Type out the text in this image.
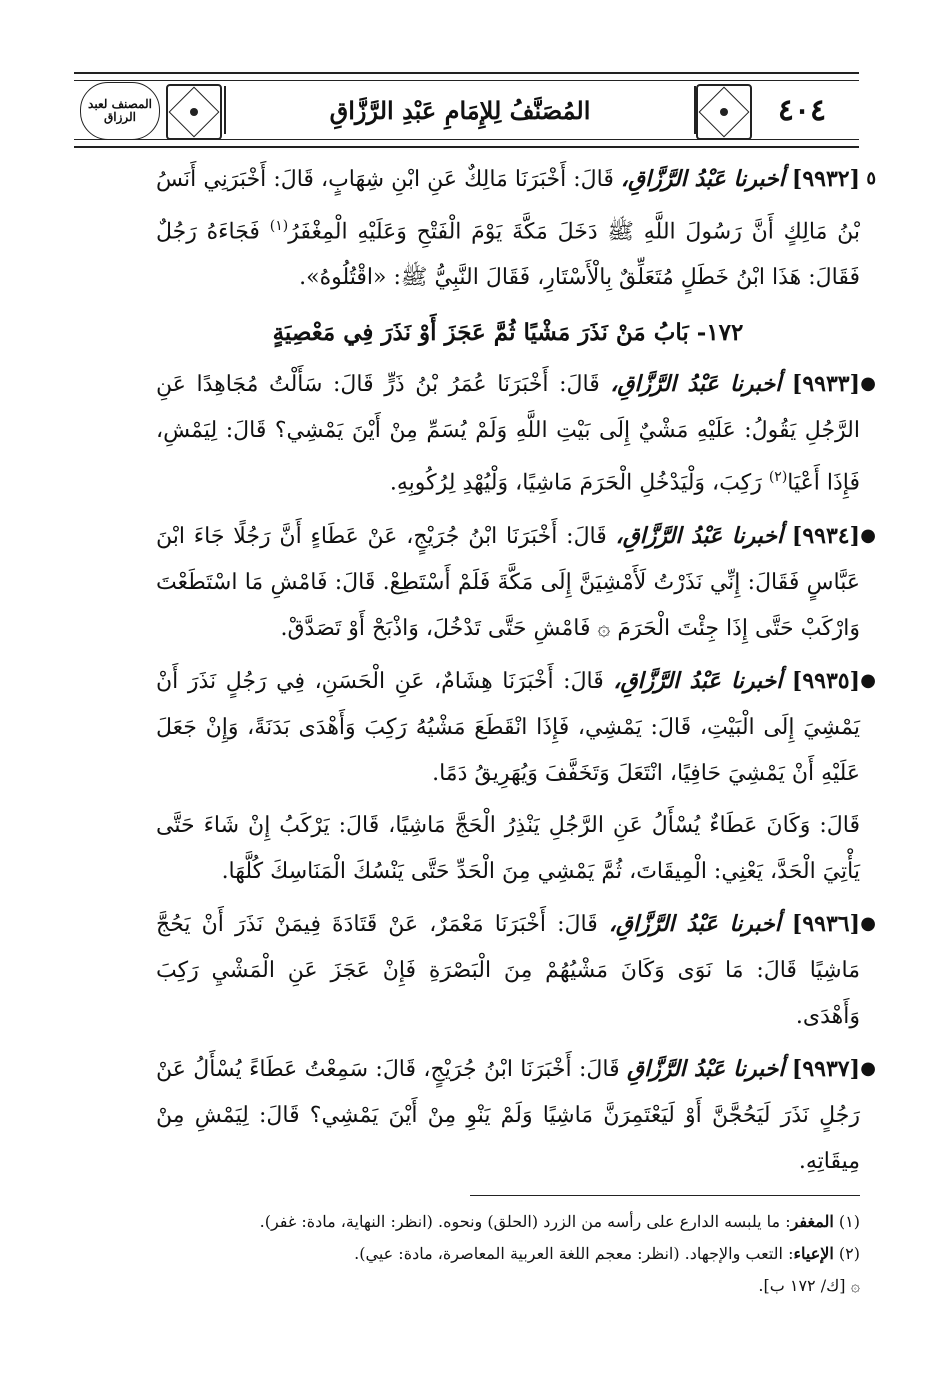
المصنف لعبد الرزاق	المُصَنَّفُ لِلإِمَامِ عَبْدِ الرَّزَّاقِ	٤٠٤

٥
[٩٩٣٢] أخبرنا عَبْدُ الرَّزَّاقِ، قَالَ: أَخْبَرَنَا مَالِكٌ عَنِ ابْنِ شِهَابٍ، قَالَ: أَخْبَرَنِي أَنَسُ بْنُ مَالِكٍ أَنَّ رَسُولَ اللَّهِ ﷺ دَخَلَ مَكَّةَ يَوْمَ الْفَتْحِ وَعَلَيْهِ الْمِغْفَرُ$^{(١)}$ فَجَاءَهُ رَجُلٌ فَقَالَ: هَذَا ابْنُ خَطَلٍ مُتَعَلِّقٌ بِالْأَسْتَارِ، فَقَالَ النَّبِيُّ ﷺ: «اقْتُلُوهُ».

١٧٢- بَابُ مَنْ نَذَرَ مَشْيًا ثُمَّ عَجَزَ أَوْ نَذَرَ فِي مَعْصِيَةٍ

●
[٩٩٣٣] أخبرنا عَبْدُ الرَّزَّاقِ، قَالَ: أَخْبَرَنَا عُمَرُ بْنُ ذَرٍّ قَالَ: سَأَلْتُ مُجَاهِدًا عَنِ الرَّجُلِ يَقُولُ: عَلَيْهِ مَشْيٌ إِلَى بَيْتِ اللَّهِ وَلَمْ يُسَمِّ مِنْ أَيْنَ يَمْشِي؟ قَالَ: لِيَمْشِ، فَإِذَا أَعْيَا$^{(٢)}$ رَكِبَ، وَلْيَدْخُلِ الْحَرَمَ مَاشِيًا، وَلْيُهْدِ لِرُكُوبِهِ.

●
[٩٩٣٤] أخبرنا عَبْدُ الرَّزَّاقِ، قَالَ: أَخْبَرَنَا ابْنُ جُرَيْجٍ، عَنْ عَطَاءٍ أَنَّ رَجُلًا جَاءَ ابْنَ عَبَّاسٍ فَقَالَ: إِنِّي نَذَرْتُ لَأَمْشِيَنَّ إِلَى مَكَّةَ فَلَمْ أَسْتَطِعْ. قَالَ: فَامْشِ مَا اسْتَطَعْتَ وَارْكَبْ حَتَّى إِذَا جِئْتَ الْحَرَمَ ۞ فَامْشِ حَتَّى تَدْخُلَ، وَاذْبَحْ أَوْ تَصَدَّقْ.

●
[٩٩٣٥] أخبرنا عَبْدُ الرَّزَّاقِ، قَالَ: أَخْبَرَنَا هِشَامٌ، عَنِ الْحَسَنِ، فِي رَجُلٍ نَذَرَ أَنْ يَمْشِيَ إِلَى الْبَيْتِ، قَالَ: يَمْشِي، فَإِذَا انْقَطَعَ مَشْيُهُ رَكِبَ وَأَهْدَى بَدَنَةً، وَإِنْ جَعَلَ عَلَيْهِ أَنْ يَمْشِيَ حَافِيًا، انْتَعَلَ وَتَخَفَّفَ وَيُهَرِيقُ دَمًا.

قَالَ: وَكَانَ عَطَاءٌ يُسْأَلُ عَنِ الرَّجُلِ يَنْذِرُ الْحَجَّ مَاشِيًا، قَالَ: يَرْكَبُ إِنْ شَاءَ حَتَّى يَأْتِيَ الْحَدَّ، يَعْنِي: الْمِيقَاتَ، ثُمَّ يَمْشِي مِنَ الْحَدِّ حَتَّى يَنْسُكَ الْمَنَاسِكَ كُلَّهَا.

●
[٩٩٣٦] أخبرنا عَبْدُ الرَّزَّاقِ، قَالَ: أَخْبَرَنَا مَعْمَرٌ، عَنْ قَتَادَةَ فِيمَنْ نَذَرَ أَنْ يَحُجَّ مَاشِيًا قَالَ: مَا نَوَى وَكَانَ مَشْيُهُمْ مِنَ الْبَصْرَةِ فَإِنْ عَجَزَ عَنِ الْمَشْيِ رَكِبَ وَأَهْدَى.

●
[٩٩٣٧] أخبرنا عَبْدُ الرَّزَّاقِ قَالَ: أَخْبَرَنَا ابْنُ جُرَيْجٍ، قَالَ: سَمِعْتُ عَطَاءً يُسْأَلُ عَنْ رَجُلٍ نَذَرَ لَيَحُجَّنَّ أَوْ لَيَعْتَمِرَنَّ مَاشِيًا وَلَمْ يَنْوِ مِنْ أَيْنَ يَمْشِي؟ قَالَ: لِيَمْشِ مِنْ مِيقَاتِهِ.

(١) المغفر: ما يلبسه الدارع على رأسه من الزرد (الحلق) ونحوه. (انظر: النهاية، مادة: غفر).

(٢) الإعياء: التعب والإجهاد. (انظر: معجم اللغة العربية المعاصرة، مادة: عيي).

۞ [ك/ ١٧٢ ب].
